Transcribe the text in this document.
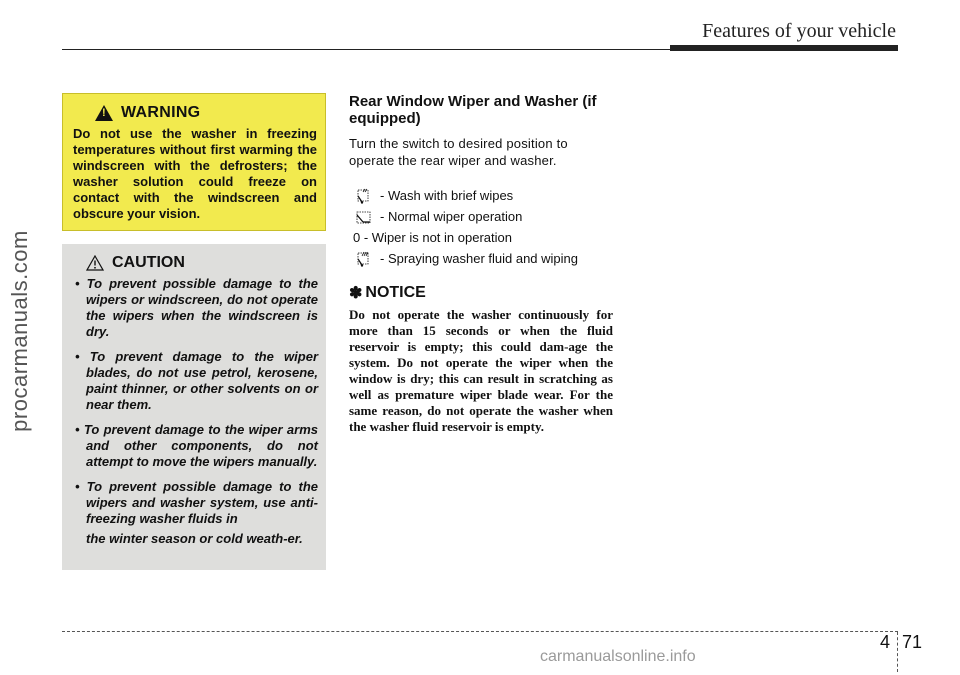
Features of your vehicle
procarmanuals.com
!
WARNING
Do not use the washer in freezing temperatures without first warming the windscreen with the defrosters; the washer solution could freeze on contact with the windscreen and obscure your vision.
CAUTION
• To prevent possible damage to the wipers or windscreen, do not operate the wipers when the windscreen is dry.
• To prevent damage to the wiper blades, do not use petrol, kerosene, paint thinner, or other solvents on or near them.
• To prevent damage to the wiper arms and other components, do not attempt to move the wipers manually.
• To prevent possible damage to the wipers and washer system, use anti-freezing washer fluids in
the winter season or cold weath-er.
Rear Window Wiper and Washer (if equipped)
Turn the switch to desired position to operate the rear wiper and washer.
- Wash with brief wipes
- Normal wiper operation
0 - Wiper is not in operation
- Spraying washer fluid and wiping
✽ NOTICE
Do not operate the washer continuously for more than 15 seconds or when the fluid reservoir is empty; this could dam-age the system. Do not operate the wiper when the window is dry; this can result in scratching as well as premature wiper blade wear. For the same reason, do not operate the washer when the washer fluid reservoir is empty.
4 71
carmanualsonline.info
